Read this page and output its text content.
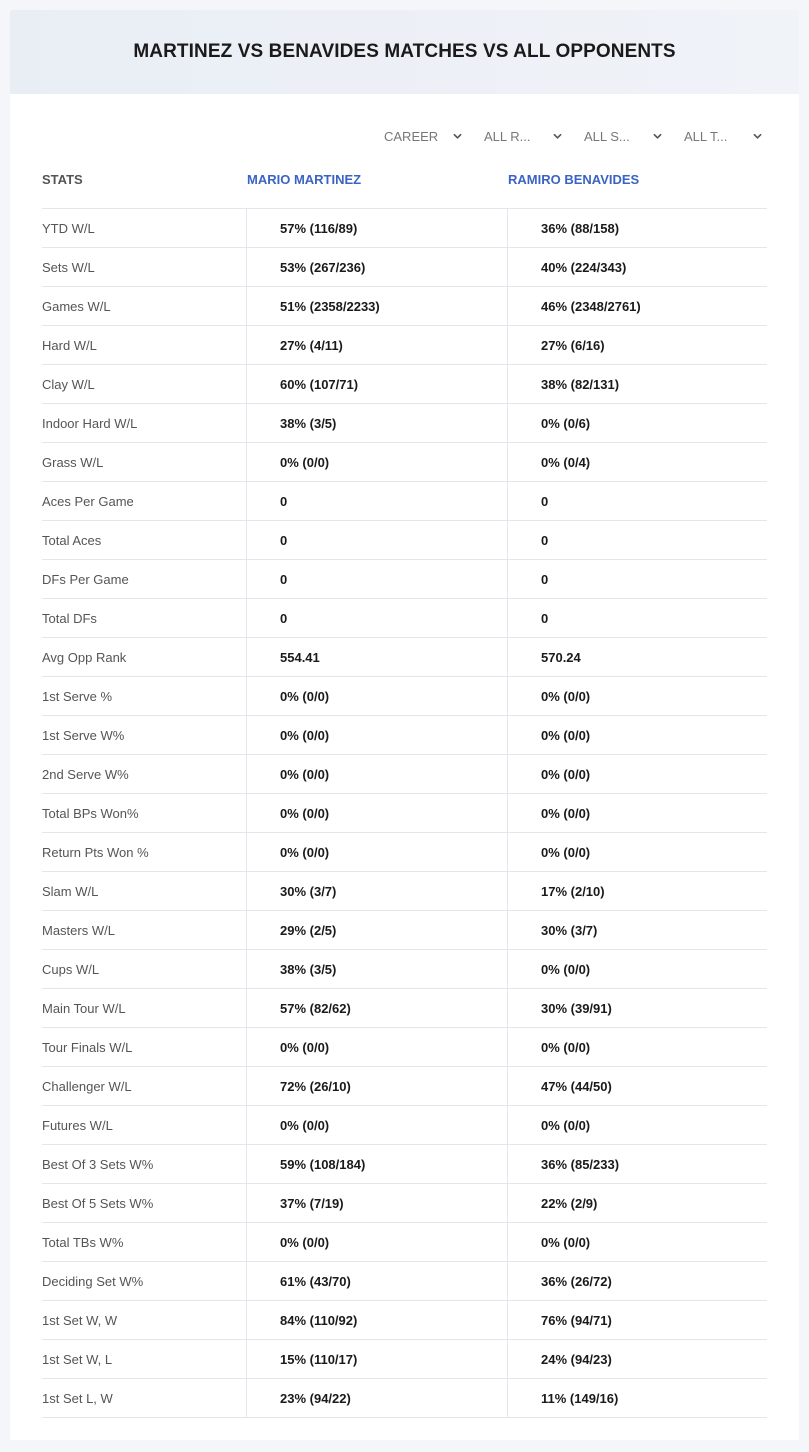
MARTINEZ VS BENAVIDES MATCHES VS ALL OPPONENTS
CAREER	ALL R...	ALL S...	ALL T...
STATS	MARIO MARTINEZ	RAMIRO BENAVIDES
YTD W/L	57% (116/89)	36% (88/158)
Sets W/L	53% (267/236)	40% (224/343)
Games W/L	51% (2358/2233)	46% (2348/2761)
Hard W/L	27% (4/11)	27% (6/16)
Clay W/L	60% (107/71)	38% (82/131)
Indoor Hard W/L	38% (3/5)	0% (0/6)
Grass W/L	0% (0/0)	0% (0/4)
Aces Per Game	0	0
Total Aces	0	0
DFs Per Game	0	0
Total DFs	0	0
Avg Opp Rank	554.41	570.24
1st Serve %	0% (0/0)	0% (0/0)
1st Serve W%	0% (0/0)	0% (0/0)
2nd Serve W%	0% (0/0)	0% (0/0)
Total BPs Won%	0% (0/0)	0% (0/0)
Return Pts Won %	0% (0/0)	0% (0/0)
Slam W/L	30% (3/7)	17% (2/10)
Masters W/L	29% (2/5)	30% (3/7)
Cups W/L	38% (3/5)	0% (0/0)
Main Tour W/L	57% (82/62)	30% (39/91)
Tour Finals W/L	0% (0/0)	0% (0/0)
Challenger W/L	72% (26/10)	47% (44/50)
Futures W/L	0% (0/0)	0% (0/0)
Best Of 3 Sets W%	59% (108/184)	36% (85/233)
Best Of 5 Sets W%	37% (7/19)	22% (2/9)
Total TBs W%	0% (0/0)	0% (0/0)
Deciding Set W%	61% (43/70)	36% (26/72)
1st Set W, W	84% (110/92)	76% (94/71)
1st Set W, L	15% (110/17)	24% (94/23)
1st Set L, W	23% (94/22)	11% (149/16)
